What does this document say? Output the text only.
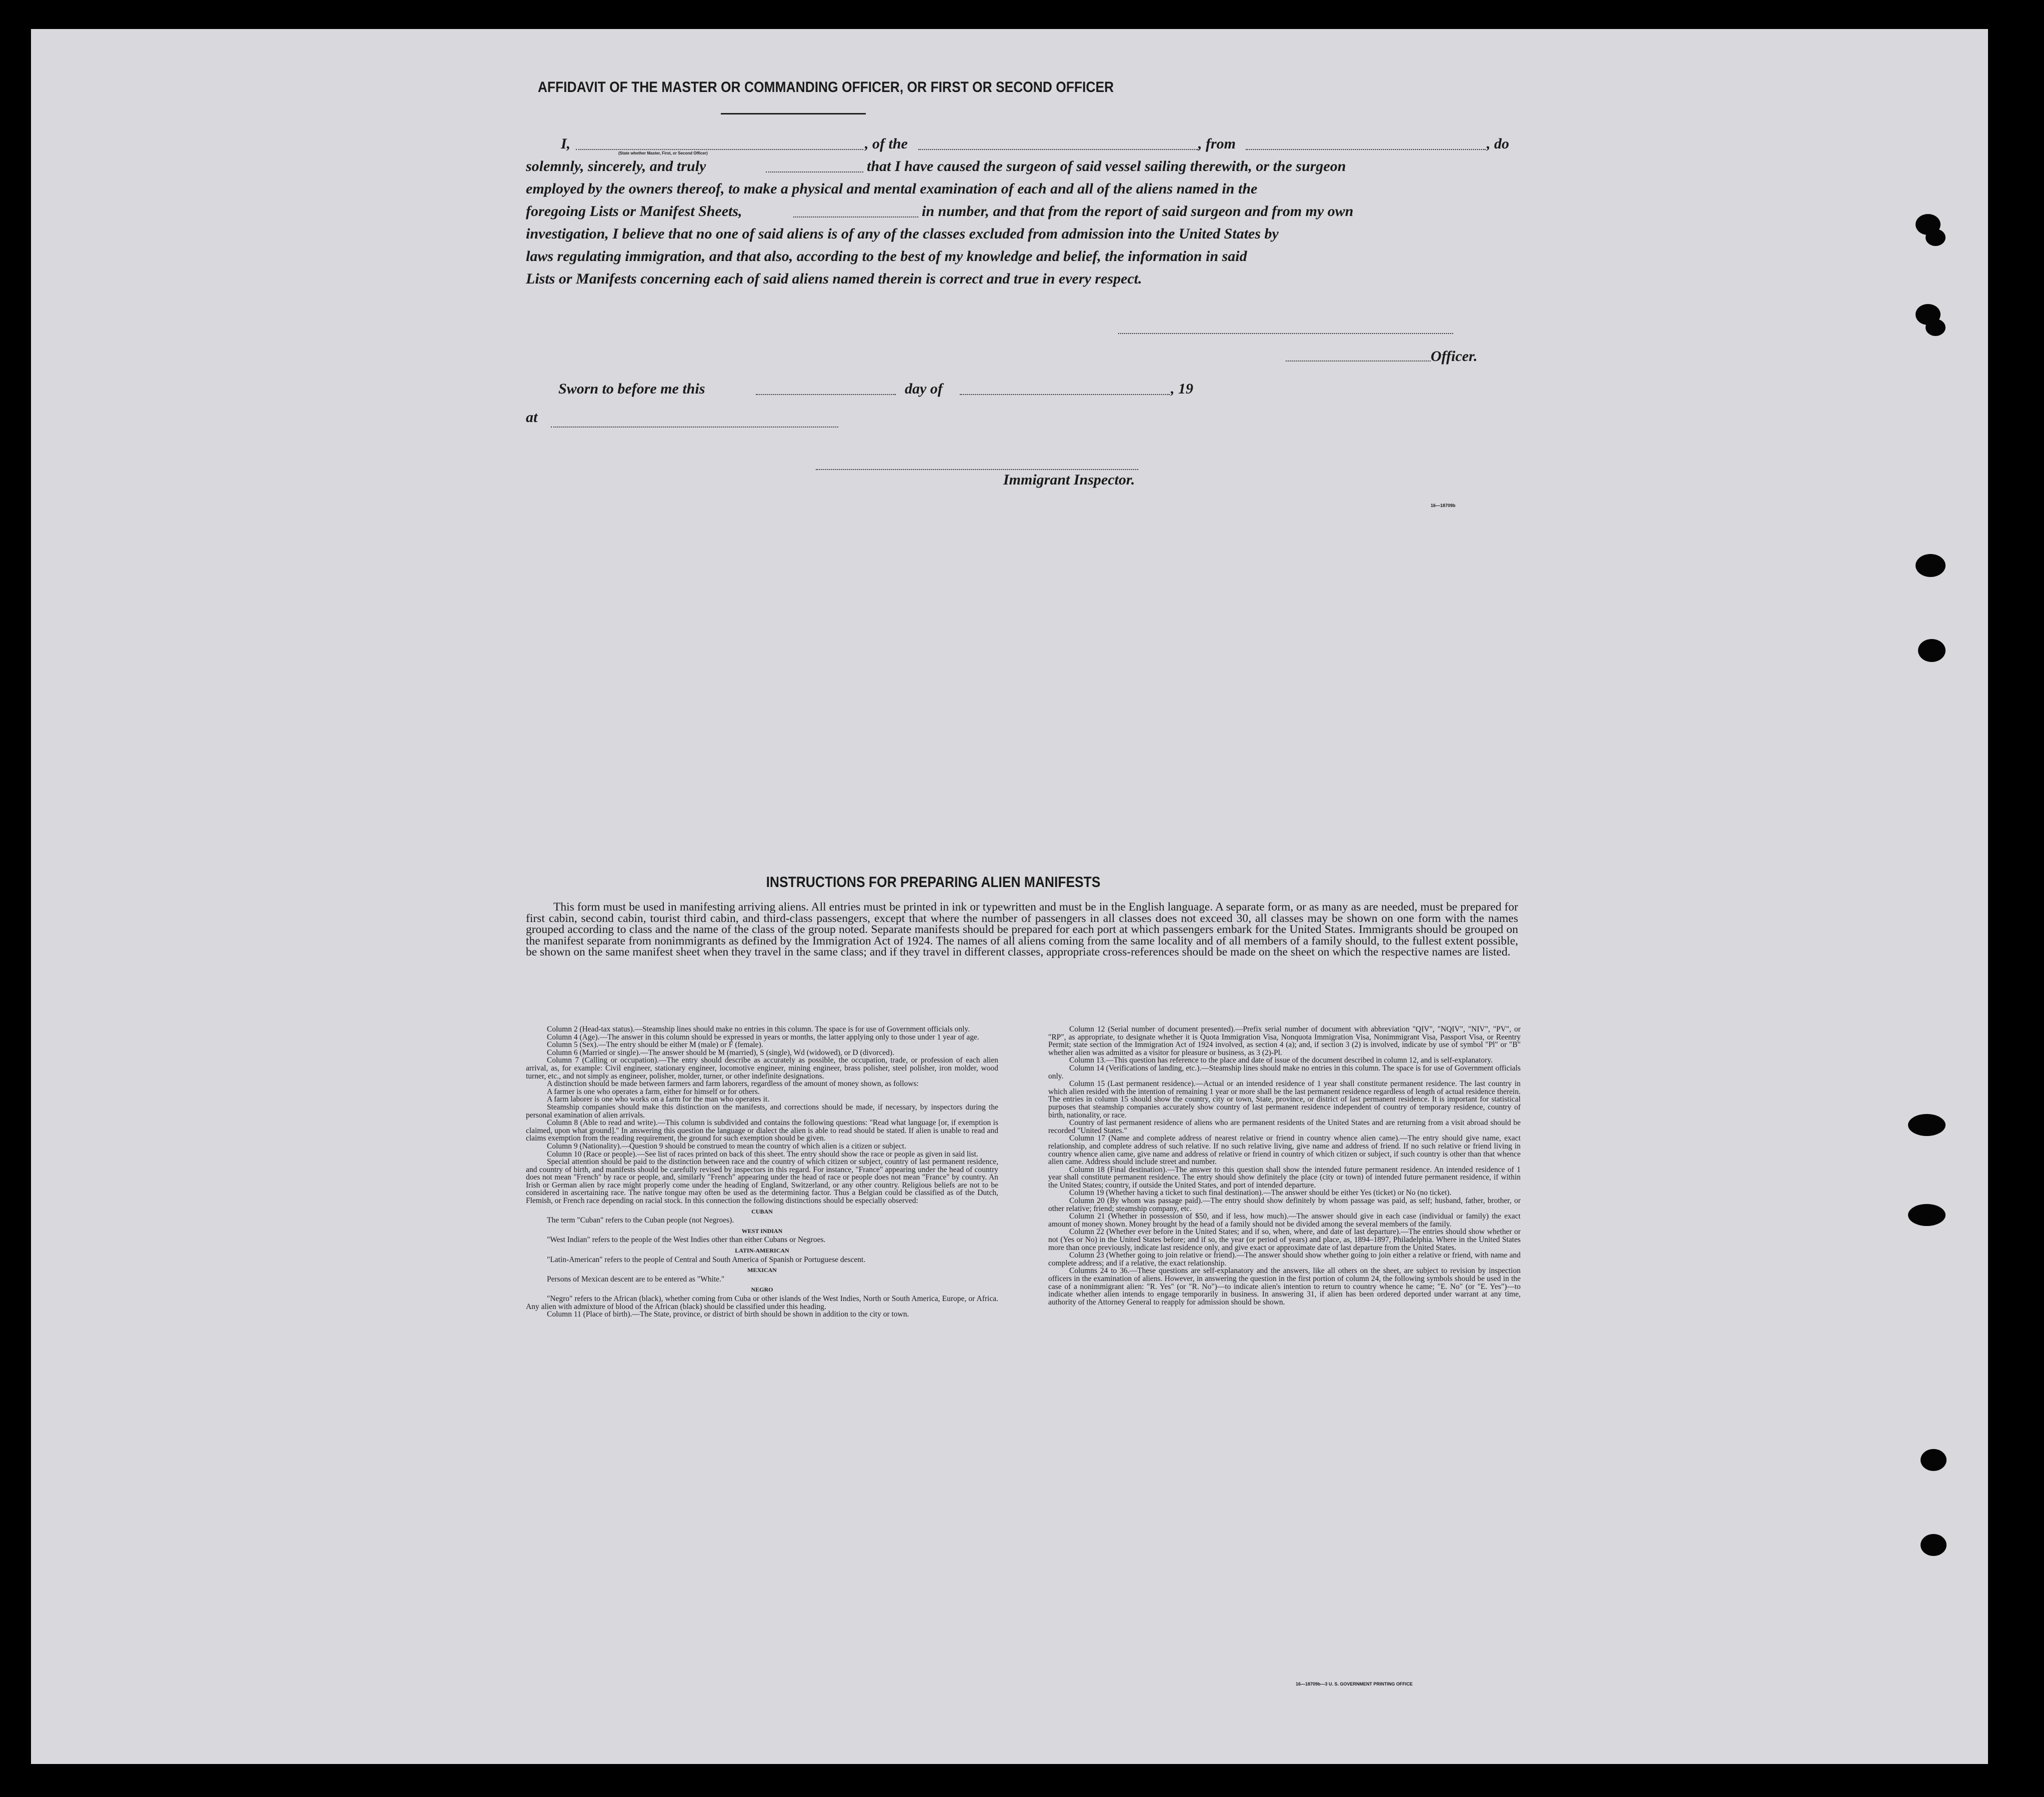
AFFIDAVIT OF THE MASTER OR COMMANDING OFFICER, OR FIRST OR SECOND OFFICER
I,
(State whether Master, First, or Second Officer)
, of the	, from	, do
solemnly, sincerely, and truly	that I have caused the surgeon of said vessel sailing therewith, or the surgeon
employed by the owners thereof, to make a physical and mental examination of each and all of the aliens named in the
foregoing Lists or Manifest Sheets,	in number, and that from the report of said surgeon and from my own
investigation, I believe that no one of said aliens is of any of the classes excluded from admission into the United States by
laws regulating immigration, and that also, according to the best of my knowledge and belief, the information in said
Lists or Manifests concerning each of said aliens named therein is correct and true in every respect.
Officer.
Sworn to before me this	day of	, 19
at
Immigrant Inspector.
16—18709b
INSTRUCTIONS FOR PREPARING ALIEN MANIFESTS

This form must be used in manifesting arriving aliens. All entries must be printed in ink or typewritten and must be in the English language. A separate form, or as many as are needed, must be prepared for first cabin, second cabin, tourist third cabin, and third-class passengers, except that where the number of passengers in all classes does not exceed 30, all classes may be shown on one form with the names grouped according to class and the name of the class of the group noted. Separate manifests should be prepared for each port at which passengers embark for the United States. Immigrants should be grouped on the manifest separate from nonimmigrants as defined by the Immigration Act of 1924. The names of all aliens coming from the same locality and of all members of a family should, to the fullest extent possible, be shown on the same manifest sheet when they travel in the same class; and if they travel in different classes, appropriate cross-references should be made on the sheet on which the respective names are listed.

Column 2 (Head-tax status).—Steamship lines should make no entries in this column. The space is for use of Government officials only.

Column 4 (Age).—The answer in this column should be expressed in years or months, the latter applying only to those under 1 year of age.

Column 5 (Sex).—The entry should be either M (male) or F (female).

Column 6 (Married or single).—The answer should be M (married), S (single), Wd (widowed), or D (divorced).

Column 7 (Calling or occupation).—The entry should describe as accurately as possible, the occupation, trade, or profession of each alien arrival, as, for example: Civil engineer, stationary engineer, locomotive engineer, mining engineer, brass polisher, steel polisher, iron molder, wood turner, etc., and not simply as engineer, polisher, molder, turner, or other indefinite designations.

A distinction should be made between farmers and farm laborers, regardless of the amount of money shown, as follows:

A farmer is one who operates a farm, either for himself or for others.

A farm laborer is one who works on a farm for the man who operates it.

Steamship companies should make this distinction on the manifests, and corrections should be made, if necessary, by inspectors during the personal examination of alien arrivals.

Column 8 (Able to read and write).—This column is subdivided and contains the following questions: "Read what language [or, if exemption is claimed, upon what ground]." In answering this question the language or dialect the alien is able to read should be stated. If alien is unable to read and claims exemption from the reading requirement, the ground for such exemption should be given.

Column 9 (Nationality).—Question 9 should be construed to mean the country of which alien is a citizen or subject.

Column 10 (Race or people).—See list of races printed on back of this sheet. The entry should show the race or people as given in said list.

Special attention should be paid to the distinction between race and the country of which citizen or subject, country of last permanent residence, and country of birth, and manifests should be carefully revised by inspectors in this regard. For instance, "France" appearing under the head of country does not mean "French" by race or people, and, similarly "French" appearing under the head of race or people does not mean "France" by country. An Irish or German alien by race might properly come under the heading of England, Switzerland, or any other country. Religious beliefs are not to be considered in ascertaining race. The native tongue may often be used as the determining factor. Thus a Belgian could be classified as of the Dutch, Flemish, or French race depending on racial stock. In this connection the following distinctions should be especially observed:

CUBAN

The term "Cuban" refers to the Cuban people (not Negroes).

WEST INDIAN

"West Indian" refers to the people of the West Indies other than either Cubans or Negroes.

LATIN-AMERICAN

"Latin-American" refers to the people of Central and South America of Spanish or Portuguese descent.

MEXICAN

Persons of Mexican descent are to be entered as "White."

NEGRO

"Negro" refers to the African (black), whether coming from Cuba or other islands of the West Indies, North or South America, Europe, or Africa. Any alien with admixture of blood of the African (black) should be classified under this heading.

Column 11 (Place of birth).—The State, province, or district of birth should be shown in addition to the city or town.

Column 12 (Serial number of document presented).—Prefix serial number of document with abbreviation "QIV", "NQIV", "NIV", "PV", or "RP", as appropriate, to designate whether it is Quota Immigration Visa, Nonquota Immigration Visa, Nonimmigrant Visa, Passport Visa, or Reentry Permit; state section of the Immigration Act of 1924 involved, as section 4 (a); and, if section 3 (2) is involved, indicate by use of symbol "Pl" or "B" whether alien was admitted as a visitor for pleasure or business, as 3 (2)-Pl.

Column 13.—This question has reference to the place and date of issue of the document described in column 12, and is self-explanatory.

Column 14 (Verifications of landing, etc.).—Steamship lines should make no entries in this column. The space is for use of Government officials only.

Column 15 (Last permanent residence).—Actual or an intended residence of 1 year shall constitute permanent residence. The last country in which alien resided with the intention of remaining 1 year or more shall be the last permanent residence regardless of length of actual residence therein. The entries in column 15 should show the country, city or town, State, province, or district of last permanent residence. It is important for statistical purposes that steamship companies accurately show country of last permanent residence independent of country of temporary residence, country of birth, nationality, or race.

Country of last permanent residence of aliens who are permanent residents of the United States and are returning from a visit abroad should be recorded "United States."

Column 17 (Name and complete address of nearest relative or friend in country whence alien came).—The entry should give name, exact relationship, and complete address of such relative. If no such relative living, give name and address of friend. If no such relative or friend living in country whence alien came, give name and address of relative or friend in country of which citizen or subject, if such country is other than that whence alien came. Address should include street and number.

Column 18 (Final destination).—The answer to this question shall show the intended future permanent residence. An intended residence of 1 year shall constitute permanent residence. The entry should show definitely the place (city or town) of intended future permanent residence, if within the United States; country, if outside the United States, and port of intended departure.

Column 19 (Whether having a ticket to such final destination).—The answer should be either Yes (ticket) or No (no ticket).

Column 20 (By whom was passage paid).—The entry should show definitely by whom passage was paid, as self; husband, father, brother, or other relative; friend; steamship company, etc.

Column 21 (Whether in possession of $50, and if less, how much).—The answer should give in each case (individual or family) the exact amount of money shown. Money brought by the head of a family should not be divided among the several members of the family.

Column 22 (Whether ever before in the United States; and if so, when, where, and date of last departure).—The entries should show whether or not (Yes or No) in the United States before; and if so, the year (or period of years) and place, as, 1894–1897, Philadelphia. Where in the United States more than once previously, indicate last residence only, and give exact or approximate date of last departure from the United States.

Column 23 (Whether going to join relative or friend).—The answer should show whether going to join either a relative or friend, with name and complete address; and if a relative, the exact relationship.

Columns 24 to 36.—These questions are self-explanatory and the answers, like all others on the sheet, are subject to revision by inspection officers in the examination of aliens. However, in answering the question in the first portion of column 24, the following symbols should be used in the case of a nonimmigrant alien: "R. Yes" (or "R. No")—to indicate alien's intention to return to country whence he came; "E. No" (or "E. Yes")—to indicate whether alien intends to engage temporarily in business. In answering 31, if alien has been ordered deported under warrant at any time, authority of the Attorney General to reapply for admission should be shown.

16—18709b—3 U. S. GOVERNMENT PRINTING OFFICE
